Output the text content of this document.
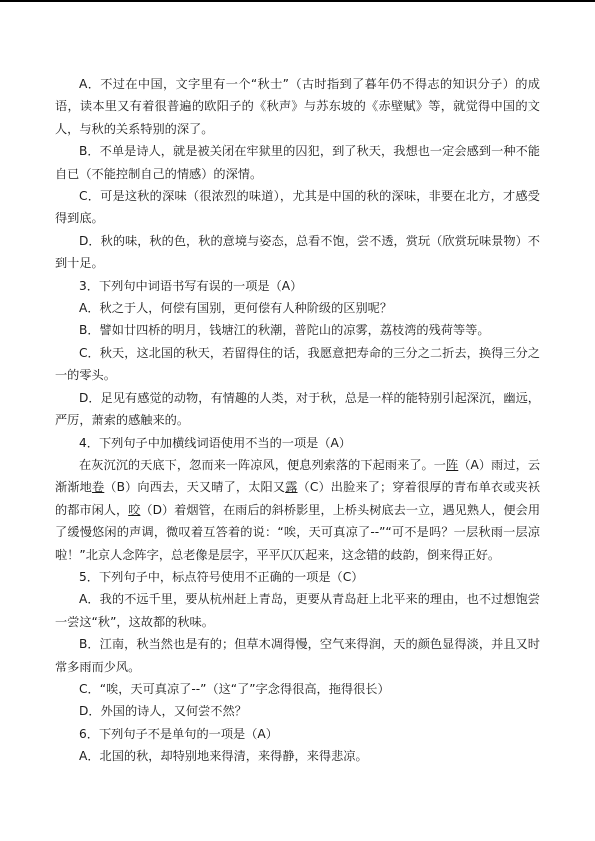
A．不过在中国，文字里有一个“秋士”（古时指到了暮年仍不得志的知识分子）的成语，读本里又有着很普遍的欧阳子的《秋声》与苏东坡的《赤壁赋》等，就觉得中国的文人，与秋的关系特别的深了。

B．不单是诗人，就是被关闭在牢狱里的囚犯，到了秋天，我想也一定会感到一种不能自已（不能控制自己的情感）的深情。

C．可是这秋的深味（很浓烈的味道），尤其是中国的秋的深味，非要在北方，才感受得到底。

D．秋的味，秋的色，秋的意境与姿态，总看不饱，尝不透，赏玩（欣赏玩味景物）不到十足。

3．下列句中词语书写有误的一项是（A）

A．秋之于人，何偿有国别，更何偿有人种阶级的区别呢？

B．譬如廿四桥的明月，钱塘江的秋潮，普陀山的凉雾，荔枝湾的残荷等等。

C．秋天，这北国的秋天，若留得住的话，我愿意把寿命的三分之二折去，换得三分之一的零头。

D．足见有感觉的动物，有情趣的人类，对于秋，总是一样的能特别引起深沉，幽远，严厉，萧索的感触来的。

4．下列句子中加横线词语使用不当的一项是（A）

在灰沉沉的天底下，忽而来一阵凉风，便息列索落的下起雨来了。一阵（A）雨过，云渐渐地卷（B）向西去，天又晴了，太阳又露（C）出脸来了；穿着很厚的青布单衣或夹袄的都市闲人，咬（D）着烟管，在雨后的斜桥影里，上桥头树底去一立，遇见熟人，便会用了缓慢悠闲的声调，微叹着互答着的说：“唉，天可真凉了--”“可不是吗？一层秋雨一层凉啦！”北京人念阵字，总老像是层字，平平仄仄起来，这念错的歧韵，倒来得正好。

5．下列句子中，标点符号使用不正确的一项是（C）

A．我的不远千里，要从杭州赶上青岛，更要从青岛赶上北平来的理由，也不过想饱尝一尝这“秋”，这故都的秋味。

B．江南，秋当然也是有的；但草木凋得慢，空气来得润，天的颜色显得淡，并且又时常多雨而少风。

C．“唉，天可真凉了--”（这“了”字念得很高，拖得很长）

D．外国的诗人，又何尝不然？

6．下列句子不是单句的一项是（A）

A．北国的秋，却特别地来得清，来得静，来得悲凉。
